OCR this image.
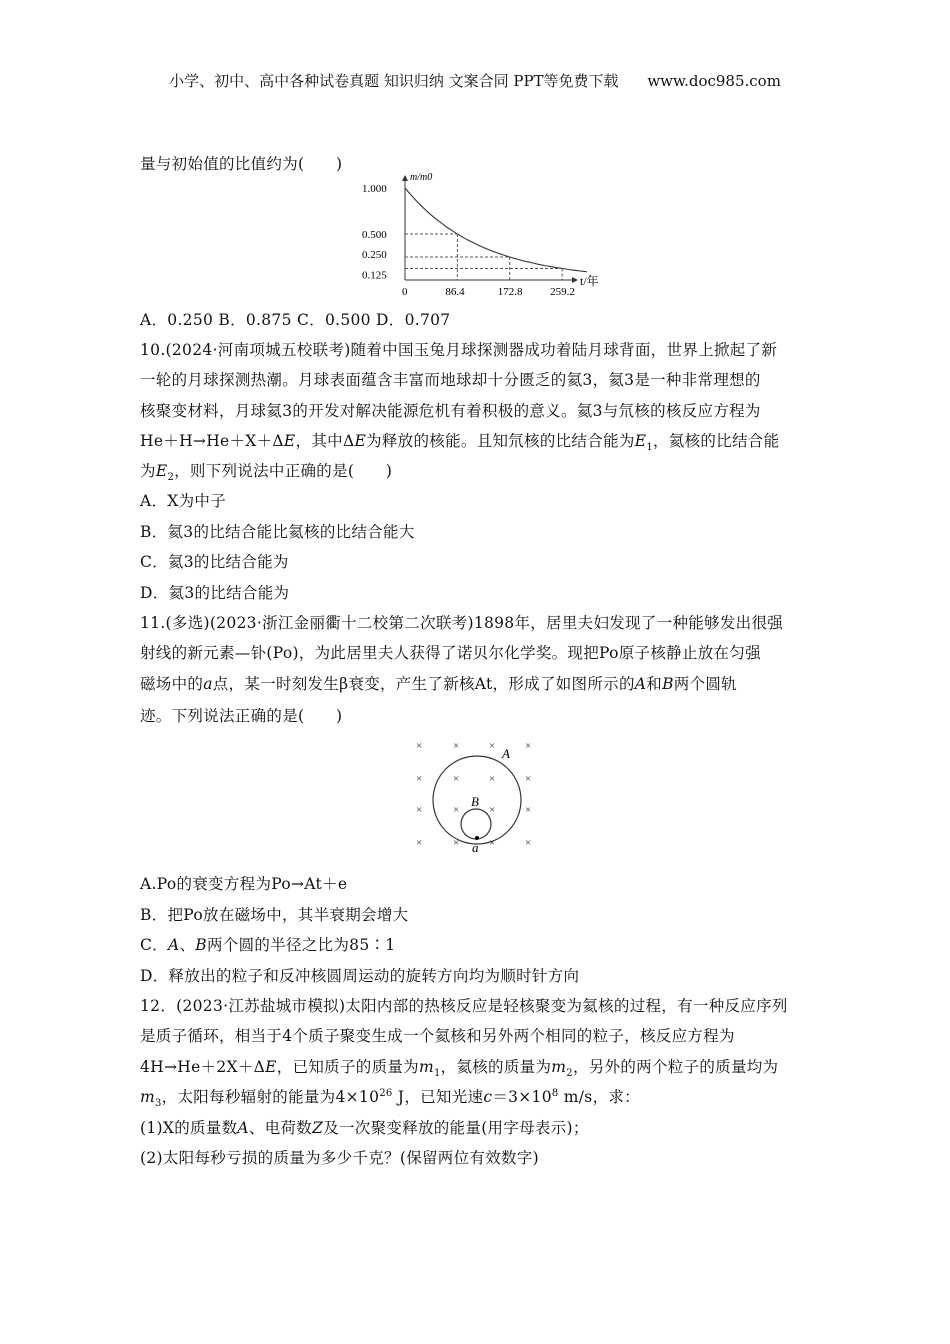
小学、初中、高中各种试卷真题 知识归纳 文案合同 PPT等免费下载 www.doc985.com
量与初始值的比值约为(　　)
A．0.250 B．0.875 C．0.500 D．0.707
10.(2024·河南项城五校联考)随着中国玉兔月球探测器成功着陆月球背面，世界上掀起了新
一轮的月球探测热潮。月球表面蕴含丰富而地球却十分匮乏的氦3，氦3是一种非常理想的
核聚变材料，月球氦3的开发对解决能源危机有着积极的意义。氦3与氘核的核反应方程为
He＋H→He＋X＋ΔE，其中ΔE为释放的核能。且知氘核的比结合能为$E_1$，氦核的比结合能
为$E_2$，则下列说法中正确的是(　　)
A．X为中子
B．氦3的比结合能比氦核的比结合能大
C．氦3的比结合能为
D．氦3的比结合能为
11.(多选)(2023·浙江金丽衢十二校第二次联考)1898年，居里夫妇发现了一种能够发出很强
射线的新元素—钋(Po)，为此居里夫人获得了诺贝尔化学奖。现把Po原子核静止放在匀强
磁场中的a点，某一时刻发生β衰变，产生了新核At，形成了如图所示的A和B两个圆轨
迹。下列说法正确的是(　　)
A.Po的衰变方程为Po→At＋e
B．把Po放在磁场中，其半衰期会增大
C．A、B两个圆的半径之比为85∶1
D．释放出的粒子和反冲核圆周运动的旋转方向均为顺时针方向
12．(2023·江苏盐城市模拟)太阳内部的热核反应是轻核聚变为氦核的过程，有一种反应序列
是质子循环，相当于4个质子聚变生成一个氦核和另外两个相同的粒子，核反应方程为
4H→He＋2X＋ΔE，已知质子的质量为$m_1$，氦核的质量为$m_2$，另外的两个粒子的质量均为
$m_3$，太阳每秒辐射的能量为$4\times 10^{26}$ J，已知光速$c=3\times 10^8$ m/s，求：
(1)X的质量数A、电荷数Z及一次聚变释放的能量(用字母表示)；
(2)太阳每秒亏损的质量为多少千克？(保留两位有效数字)
0
1.000
86.4
0.500
172.8
0.250
259.2
0.125	t/年
m/m0
×
×
×
×
×
×
×
×
×
×
×
×
×
×
×
×
A
B
a
